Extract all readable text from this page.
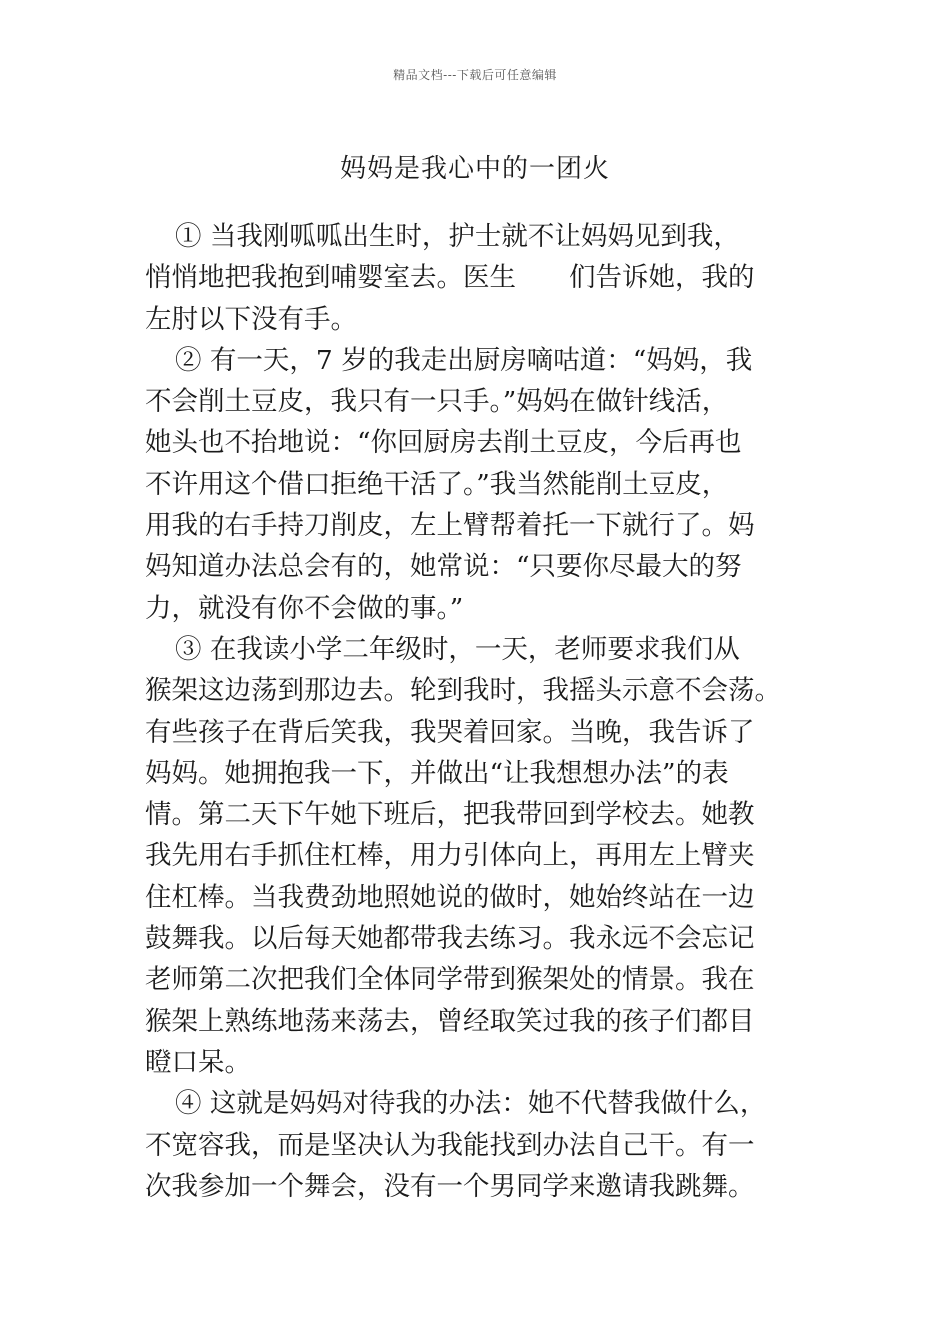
精品文档---下载后可任意编辑
妈妈是我心中的一团火
① 当我刚呱呱出生时，护士就不让妈妈见到我，
悄悄地把我抱到哺婴室去。医生　　们告诉她，我的
左肘以下没有手。
② 有一天，7 岁的我走出厨房嘀咕道：“妈妈，我
不会削土豆皮，我只有一只手。”妈妈在做针线活，
她头也不抬地说：“你回厨房去削土豆皮，今后再也
不许用这个借口拒绝干活了。”我当然能削土豆皮，
用我的右手持刀削皮，左上臂帮着托一下就行了。妈
妈知道办法总会有的，她常说：“只要你尽最大的努
力，就没有你不会做的事。”
③ 在我读小学二年级时，一天，老师要求我们从
猴架这边荡到那边去。轮到我时，我摇头示意不会荡。
有些孩子在背后笑我，我哭着回家。当晚，我告诉了
妈妈。她拥抱我一下，并做出“让我想想办法”的表
情。第二天下午她下班后，把我带回到学校去。她教
我先用右手抓住杠棒，用力引体向上，再用左上臂夹
住杠棒。当我费劲地照她说的做时，她始终站在一边
鼓舞我。以后每天她都带我去练习。我永远不会忘记
老师第二次把我们全体同学带到猴架处的情景。我在
猴架上熟练地荡来荡去，曾经取笑过我的孩子们都目
瞪口呆。
④ 这就是妈妈对待我的办法：她不代替我做什么，
不宽容我，而是坚决认为我能找到办法自己干。有一
次我参加一个舞会，没有一个男同学来邀请我跳舞。
